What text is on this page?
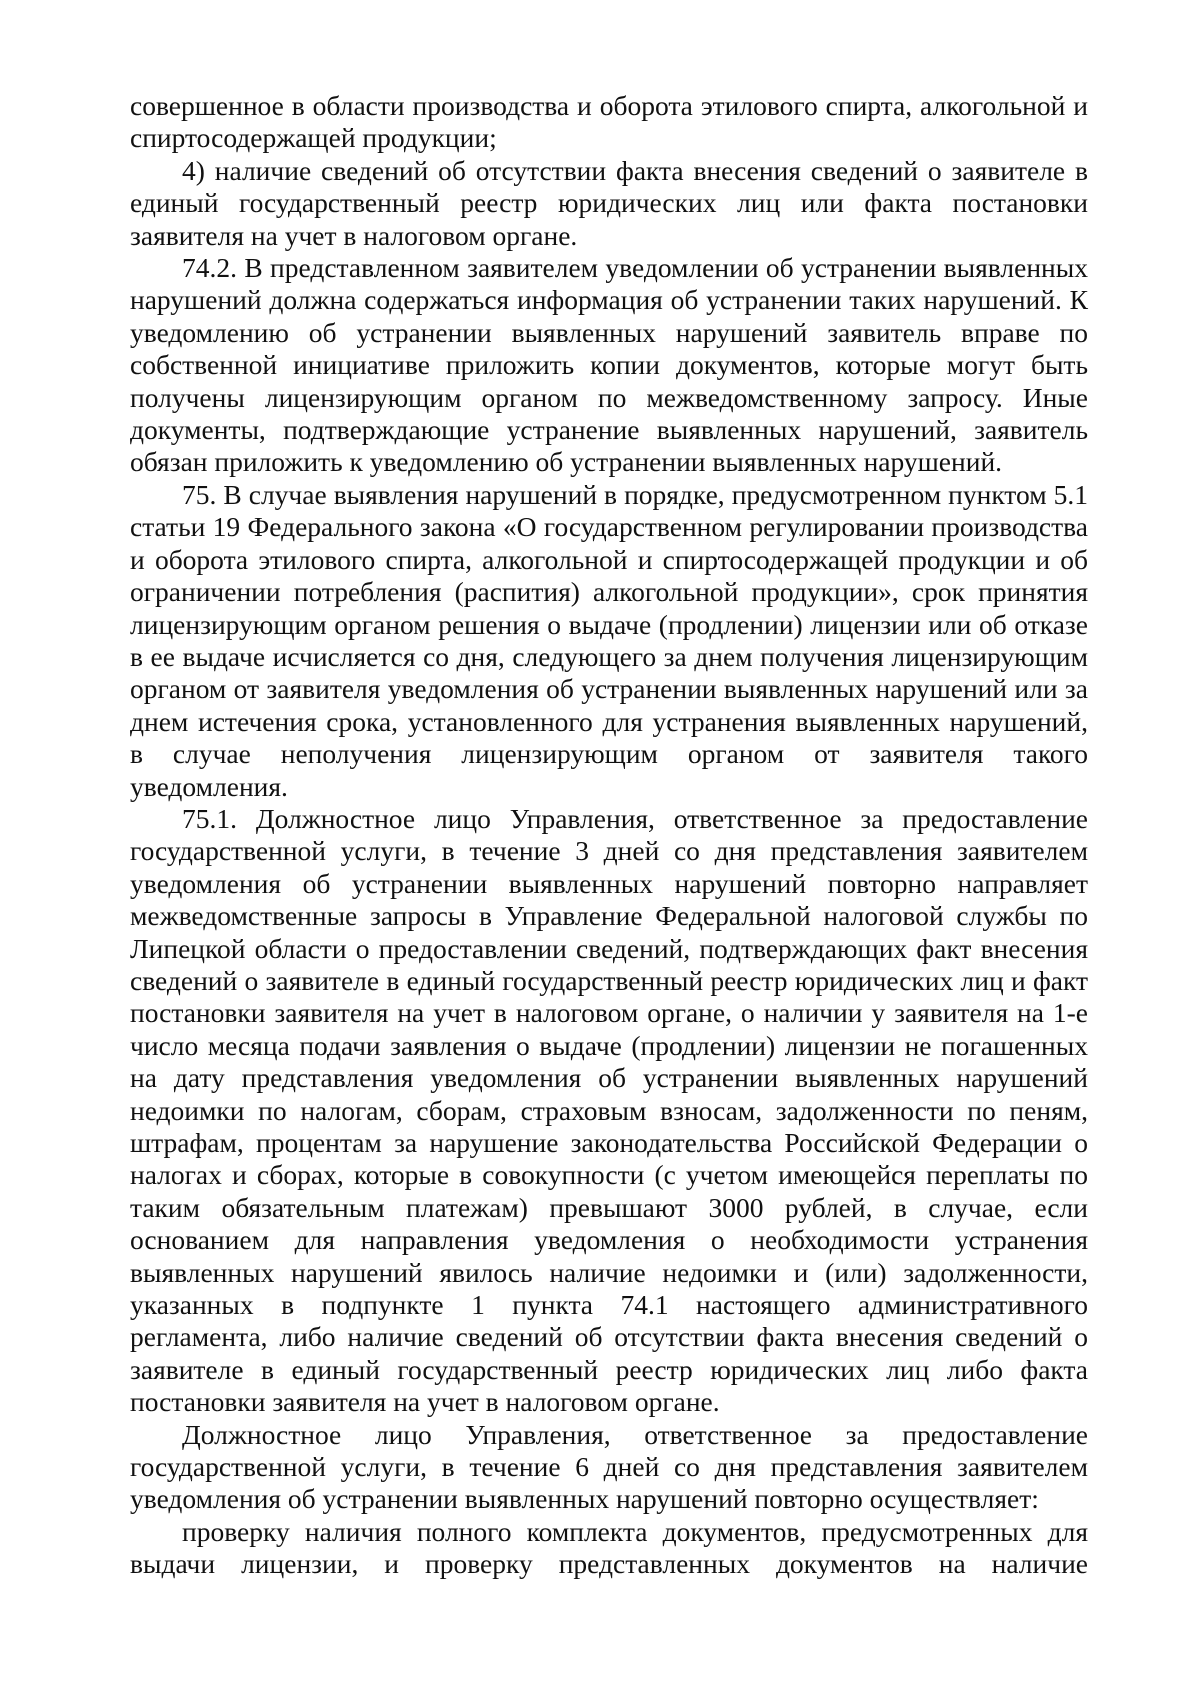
совершенное в области производства и оборота этилового спирта, алкогольной и спиртосодержащей продукции;

4) наличие сведений об отсутствии факта внесения сведений о заявителе в единый государственный реестр юридических лиц или факта постановки заявителя на учет в налоговом органе.

74.2. В представленном заявителем уведомлении об устранении выявленных нарушений должна содержаться информация об устранении таких нарушений. К уведомлению об устранении выявленных нарушений заявитель вправе по собственной инициативе приложить копии документов, которые могут быть получены лицензирующим органом по межведомственному запросу. Иные документы, подтверждающие устранение выявленных нарушений, заявитель обязан приложить к уведомлению об устранении выявленных нарушений.

75. В случае выявления нарушений в порядке, предусмотренном пунктом 5.1 статьи 19 Федерального закона «О государственном регулировании производства и оборота этилового спирта, алкогольной и спиртосодержащей продукции и об ограничении потребления (распития) алкогольной продукции», срок принятия лицензирующим органом решения о выдаче (продлении) лицензии или об отказе в ее выдаче исчисляется со дня, следующего за днем получения лицензирующим органом от заявителя уведомления об устранении выявленных нарушений или за днем истечения срока, установленного для устранения выявленных нарушений, в случае неполучения лицензирующим органом от заявителя такого уведомления.

75.1. Должностное лицо Управления, ответственное за предоставление государственной услуги, в течение 3 дней со дня представления заявителем уведомления об устранении выявленных нарушений повторно направляет межведомственные запросы в Управление Федеральной налоговой службы по Липецкой области о предоставлении сведений, подтверждающих факт внесения сведений о заявителе в единый государственный реестр юридических лиц и факт постановки заявителя на учет в налоговом органе, о наличии у заявителя на 1-е число месяца подачи заявления о выдаче (продлении) лицензии не погашенных на дату представления уведомления об устранении выявленных нарушений недоимки по налогам, сборам, страховым взносам, задолженности по пеням, штрафам, процентам за нарушение законодательства Российской Федерации о налогах и сборах, которые в совокупности (с учетом имеющейся переплаты по таким обязательным платежам) превышают 3000 рублей, в случае, если основанием для направления уведомления о необходимости устранения выявленных нарушений явилось наличие недоимки и (или) задолженности, указанных в подпункте 1 пункта 74.1 настоящего административного регламента, либо наличие сведений об отсутствии факта внесения сведений о заявителе в единый государственный реестр юридических лиц либо факта постановки заявителя на учет в налоговом органе.

Должностное лицо Управления, ответственное за предоставление государственной услуги, в течение 6 дней со дня представления заявителем уведомления об устранении выявленных нарушений повторно осуществляет:

проверку наличия полного комплекта документов, предусмотренных для выдачи лицензии, и проверку представленных документов на наличие
